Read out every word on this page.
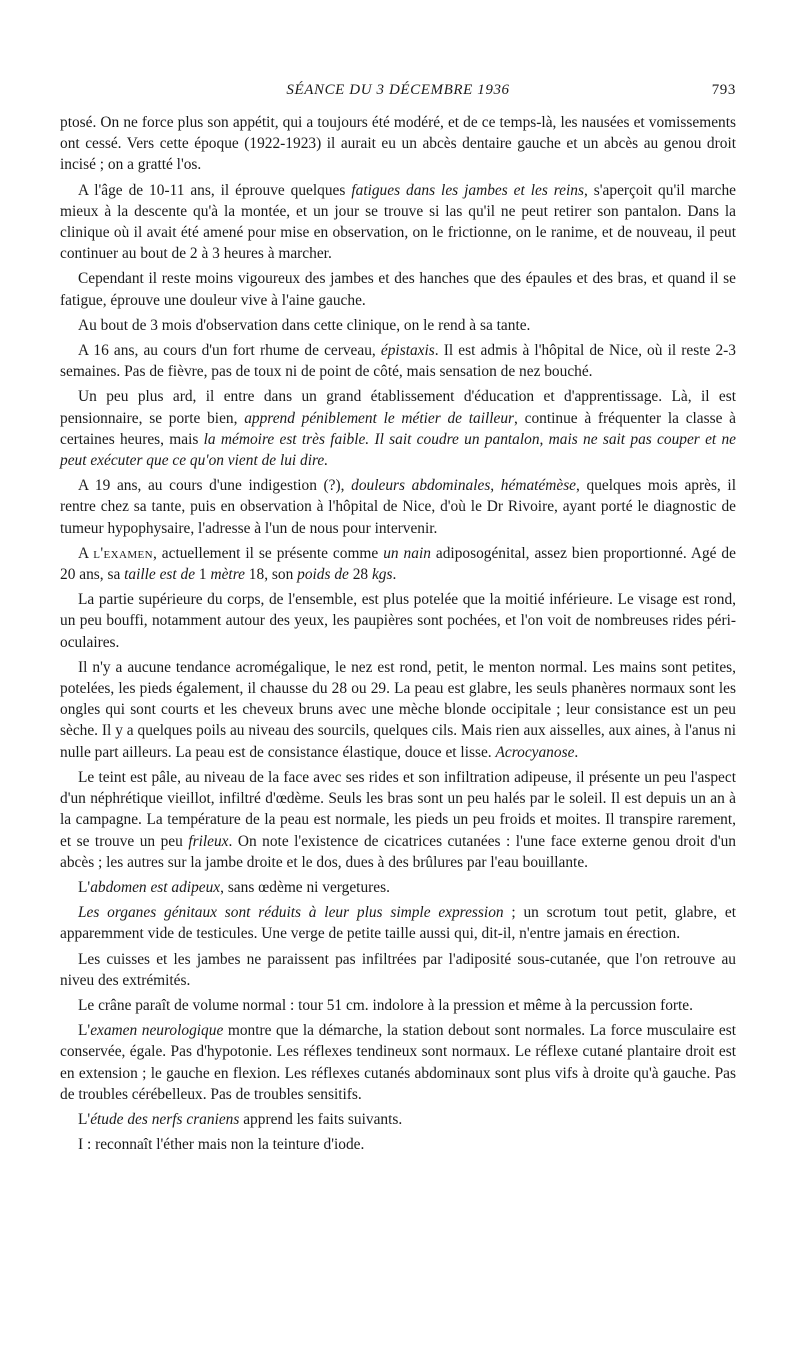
SÉANCE DU 3 DÉCEMBRE 1936	793

ptosé. On ne force plus son appétit, qui a toujours été modéré, et de ce temps-là, les nausées et vomissements ont cessé. Vers cette époque (1922-1923) il aurait eu un abcès dentaire gauche et un abcès au genou droit incisé ; on a gratté l'os.

A l'âge de 10-11 ans, il éprouve quelques fatigues dans les jambes et les reins, s'aperçoit qu'il marche mieux à la descente qu'à la montée, et un jour se trouve si las qu'il ne peut retirer son pantalon. Dans la clinique où il avait été amené pour mise en observation, on le frictionne, on le ranime, et de nouveau, il peut continuer au bout de 2 à 3 heures à marcher.

Cependant il reste moins vigoureux des jambes et des hanches que des épaules et des bras, et quand il se fatigue, éprouve une douleur vive à l'aine gauche.

Au bout de 3 mois d'observation dans cette clinique, on le rend à sa tante.

A 16 ans, au cours d'un fort rhume de cerveau, épistaxis. Il est admis à l'hôpital de Nice, où il reste 2-3 semaines. Pas de fièvre, pas de toux ni de point de côté, mais sensation de nez bouché.

Un peu plus ard, il entre dans un grand établissement d'éducation et d'apprentissage. Là, il est pensionnaire, se porte bien, apprend péniblement le métier de tailleur, continue à fréquenter la classe à certaines heures, mais la mémoire est très faible. Il sait coudre un pantalon, mais ne sait pas couper et ne peut exécuter que ce qu'on vient de lui dire.

A 19 ans, au cours d'une indigestion (?), douleurs abdominales, hématémèse, quelques mois après, il rentre chez sa tante, puis en observation à l'hôpital de Nice, d'où le Dr Rivoire, ayant porté le diagnostic de tumeur hypophysaire, l'adresse à l'un de nous pour intervenir.

A l'examen, actuellement il se présente comme un nain adiposogénital, assez bien proportionné. Agé de 20 ans, sa taille est de 1 mètre 18, son poids de 28 kgs.

La partie supérieure du corps, de l'ensemble, est plus potelée que la moitié inférieure. Le visage est rond, un peu bouffi, notamment autour des yeux, les paupières sont pochées, et l'on voit de nombreuses rides péri-oculaires.

Il n'y a aucune tendance acromégalique, le nez est rond, petit, le menton normal. Les mains sont petites, potelées, les pieds également, il chausse du 28 ou 29. La peau est glabre, les seuls phanères normaux sont les ongles qui sont courts et les cheveux bruns avec une mèche blonde occipitale ; leur consistance est un peu sèche. Il y a quelques poils au niveau des sourcils, quelques cils. Mais rien aux aisselles, aux aines, à l'anus ni nulle part ailleurs. La peau est de consistance élastique, douce et lisse. Acrocyanose.

Le teint est pâle, au niveau de la face avec ses rides et son infiltration adipeuse, il présente un peu l'aspect d'un néphrétique vieillot, infiltré d'œdème. Seuls les bras sont un peu halés par le soleil. Il est depuis un an à la campagne. La température de la peau est normale, les pieds un peu froids et moites. Il transpire rarement, et se trouve un peu frileux. On note l'existence de cicatrices cutanées : l'une face externe genou droit d'un abcès ; les autres sur la jambe droite et le dos, dues à des brûlures par l'eau bouillante.

L'abdomen est adipeux, sans œdème ni vergetures.

Les organes génitaux sont réduits à leur plus simple expression ; un scrotum tout petit, glabre, et apparemment vide de testicules. Une verge de petite taille aussi qui, dit-il, n'entre jamais en érection.

Les cuisses et les jambes ne paraissent pas infiltrées par l'adiposité sous-cutanée, que l'on retrouve au niveu des extrémités.

Le crâne paraît de volume normal : tour 51 cm. indolore à la pression et même à la percussion forte.

L'examen neurologique montre que la démarche, la station debout sont normales. La force musculaire est conservée, égale. Pas d'hypotonie. Les réflexes tendineux sont normaux. Le réflexe cutané plantaire droit est en extension ; le gauche en flexion. Les réflexes cutanés abdominaux sont plus vifs à droite qu'à gauche. Pas de troubles cérébelleux. Pas de troubles sensitifs.

L'étude des nerfs craniens apprend les faits suivants.

I : reconnaît l'éther mais non la teinture d'iode.
